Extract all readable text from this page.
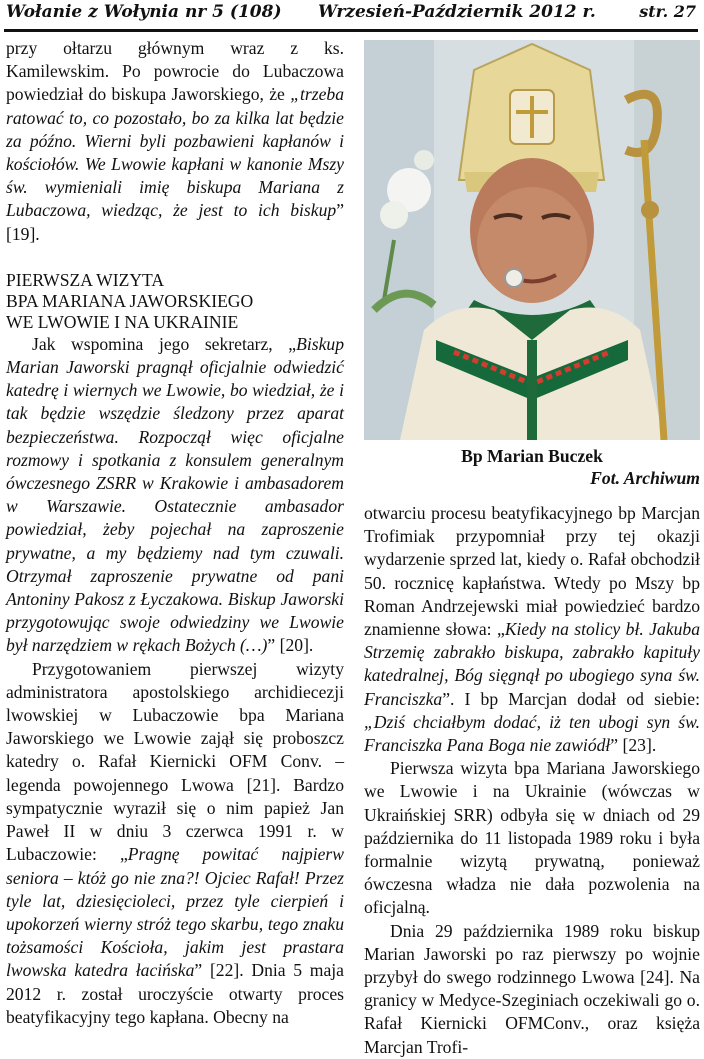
Wołanie z Wołynia nr 5 (108) Wrzesień-Październik 2012 r.	str. 27

przy ołtarzu głównym wraz z ks. Kamilewskim. Po powrocie do Lubaczowa powiedział do biskupa Jaworskiego, że „trzeba ratować to, co pozostało, bo za kilka lat będzie za późno. Wierni byli pozbawieni kapłanów i kościołów. We Lwowie kapłani w kanonie Mszy św. wymieniali imię biskupa Mariana z Lubaczowa, wiedząc, że jest to ich biskup” [19].

PIERWSZA WIZYTA
BPA MARIANA JAWORSKIEGO
WE LWOWIE I NA UKRAINIE

Jak wspomina jego sekretarz, „Biskup Marian Jaworski pragnął oficjalnie odwiedzić katedrę i wiernych we Lwowie, bo wiedział, że i tak będzie wszędzie śledzony przez aparat bezpieczeństwa. Rozpoczął więc oficjalne rozmowy i spotkania z konsulem generalnym ówczesnego ZSRR w Krakowie i ambasadorem w Warszawie. Ostatecznie ambasador powiedział, żeby pojechał na zaproszenie prywatne, a my będziemy nad tym czuwali. Otrzymał zaproszenie prywatne od pani Antoniny Pakosz z Łyczakowa. Biskup Jaworski przygotowując swoje odwiedziny we Lwowie był narzędziem w rękach Bożych (…)” [20].

Przygotowaniem pierwszej wizyty administratora apostolskiego archidiecezji lwowskiej w Lubaczowie bpa Mariana Jaworskiego we Lwowie zajął się proboszcz katedry o. Rafał Kiernicki OFM Conv. – legenda powojennego Lwowa [21]. Bardzo sympatycznie wyraził się o nim papież Jan Paweł II w dniu 3 czerwca 1991 r. w Lubaczowie: „Pragnę powitać najpierw seniora – któż go nie zna?! Ojciec Rafał! Przez tyle lat, dziesięcioleci, przez tyle cierpień i upokorzeń wierny stróż tego skarbu, tego znaku tożsamości Kościoła, jakim jest prastara lwowska katedra łacińska” [22]. Dnia 5 maja 2012 r. został uroczyście otwarty proces beatyfikacyjny tego kapłana. Obecny na

Bp Marian Buczek
Fot. Archiwum

otwarciu procesu beatyfikacyjnego bp Marcjan Trofimiak przypomniał przy tej okazji wydarzenie sprzed lat, kiedy o. Rafał obchodził 50. rocznicę kapłaństwa. Wtedy po Mszy bp Roman Andrzejewski miał powiedzieć bardzo znamienne słowa: „Kiedy na stolicy bł. Jakuba Strzemię zabrakło biskupa, zabrakło kapituły katedralnej, Bóg sięgnął po ubogiego syna św. Franciszka”. I bp Marcjan dodał od siebie: „Dziś chciałbym dodać, iż ten ubogi syn św. Franciszka Pana Boga nie zawiódł” [23].

Pierwsza wizyta bpa Mariana Jaworskiego we Lwowie i na Ukrainie (wówczas w Ukraińskiej SRR) odbyła się w dniach od 29 października do 11 listopada 1989 roku i była formalnie wizytą prywatną, ponieważ ówczesna władza nie dała pozwolenia na oficjalną.

Dnia 29 października 1989 roku biskup Marian Jaworski po raz pierwszy po wojnie przybył do swego rodzinnego Lwowa [24]. Na granicy w Medyce-Szeginiach oczekiwali go o. Rafał Kiernicki OFMConv., oraz księża Marcjan Trofi-
